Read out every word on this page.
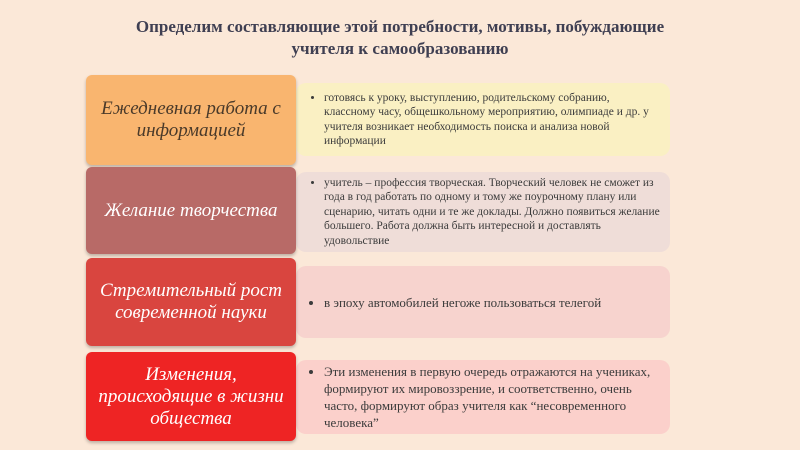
Определим составляющие этой потребности, мотивы, побуждающие
учителя к самообразованию
• готовясь к уроку, выступлению, родительскому собранию, классному часу, общешкольному мероприятию, олимпиаде и др. у учителя возникает необходимость поиска и анализа новой информации
Ежедневная работа с информацией
• учитель – профессия творческая. Творческий человек не сможет из года в год работать по одному и тому же поурочному плану или сценарию, читать одни и те же доклады. Должно появиться желание большего. Работа должна быть интересной и доставлять удовольствие
Желание творчества
• в эпоху автомобилей негоже пользоваться телегой
Стремительный рост современной науки
• Эти изменения в первую очередь отражаются на учениках, формируют их мировоззрение, и соответственно, очень часто, формируют образ учителя как “несовременного человека”
Изменения, происходящие в жизни общества
